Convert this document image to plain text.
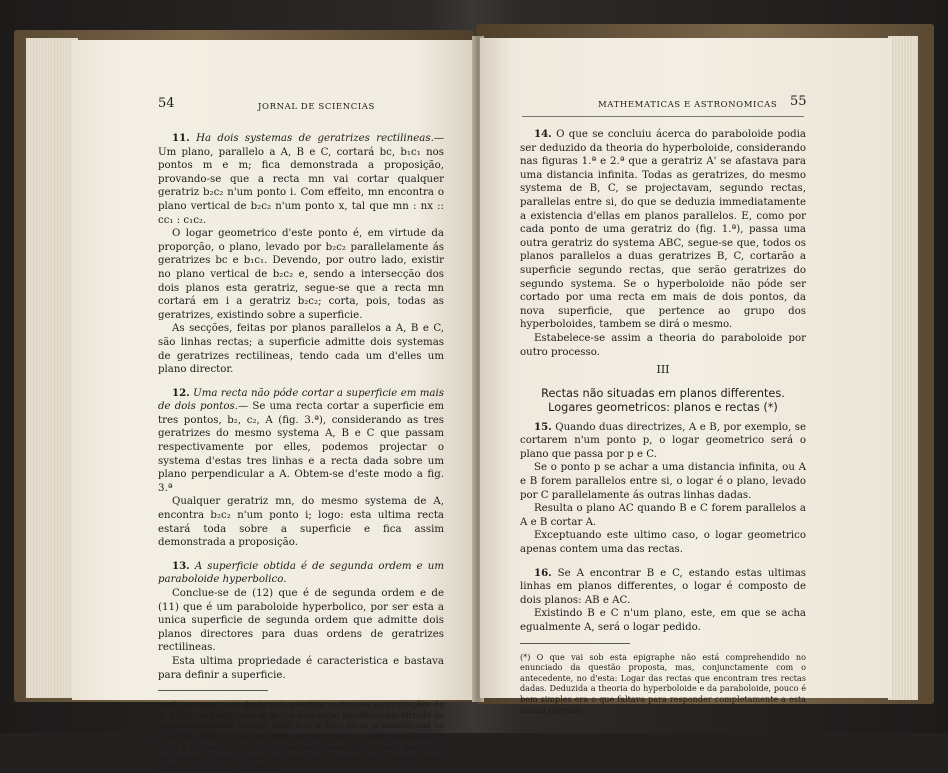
54	JORNAL DE SCIENCIAS

11. Ha dois systemas de geratrizes rectilineas.— Um plano, parallelo a A, B e C, cortará bc, b₁c₁ nos pontos m e m; fica demonstrada a proposição, provando-se que a recta mn vai cortar qualquer geratriz b₂c₂ n'um ponto i. Com effeito, mn encontra o plano vertical de b₂c₂ n'um ponto x, tal que mn : nx :: cc₁ : c₁c₂.

O logar geometrico d'este ponto é, em virtude da proporção, o plano, levado por b₂c₂ parallelamente ás geratrizes bc e b₁c₁. Devendo, por outro lado, existir no plano vertical de b₂c₂ e, sendo a intersecção dos dois planos esta geratriz, segue-se que a recta mn cortará em i a geratriz b₂c₂; corta, pois, todas as geratrizes, existindo sobre a superficie.

As secções, feitas por planos parallelos a A, B e C, são linhas rectas; a superficie admitte dois systemas de geratrizes rectilineas, tendo cada um d'elles um plano director.

12. Uma recta não póde cortar a superficie em mais de dois pontos.— Se uma recta cortar a superficie em tres pontos, b₂, c₂, A (fig. 3.ª), considerando as tres geratrizes do mesmo systema A, B e C que passam respectivamente por elles, podemos projectar o systema d'estas tres linhas e a recta dada sobre um plano perpendicular a A. Obtem-se d'este modo a fig. 3.ª

Qualquer geratriz mn, do mesmo systema de A, encontra b₂c₂ n'um ponto i; logo: esta ultima recta estará toda sobre a superficie e fica assim demonstrada a proposição.

13. A superficie obtida é de segunda ordem e um paraboloide hyperbolico.

Conclue-se de (12) que é de segunda ordem e de (11) que é um paraboloide hyperbolico, por ser esta a unica superficie de segunda ordem que admitte dois planos directores para duas ordens de geratrizes rectilineas.

Esta ultima propriedade é caracteristica e bastava para definir a superficie.

ponto em que se projecta esta geratriz, cortam-se as projecções de A, B e C; as projecções de b₁c₁ e b₂c₂ serão parallelas em virtude da proporcionalidade notada. Com b₁c₁ e b₂c₂ dá-se o mesmo que se observou com bc, pois as rectas bc, b₁c₁, b₂c₂, ... serão parallelas, e d'ahi a proposição: Se tres rectas, em planos differentes e parallelas ao mesmo plano, forem cortadas por outras tres rectas, estas existem em planos parallelos.

MATHEMATICAS E ASTRONOMICAS 55

14. O que se concluiu ácerca do paraboloide podia ser deduzido da theoria do hyperboloide, considerando nas figuras 1.ª e 2.ª que a geratriz A' se afastava para uma distancia infinita. Todas as geratrizes, do mesmo systema de B, C, se projectavam, segundo rectas, parallelas entre si, do que se deduzia immediatamente a existencia d'ellas em planos parallelos. E, como por cada ponto de uma geratriz do (fig. 1.ª), passa uma outra geratriz do systema ABC, segue-se que, todos os planos parallelos a duas geratrizes B, C, cortarão a superficie segundo rectas, que serão geratrizes do segundo systema. Se o hyperboloide não póde ser cortado por uma recta em mais de dois pontos, da nova superficie, que pertence ao grupo dos hyperboloides, tambem se dirá o mesmo.

Estabelece-se assim a theoria do paraboloide por outro processo.

III
Rectas não situadas em planos differentes.
Logares geometricos: planos e rectas (*)

15. Quando duas directrizes, A e B, por exemplo, se cortarem n'um ponto p, o logar geometrico será o plano que passa por p e C.

Se o ponto p se achar a uma distancia infinita, ou A e B forem parallelos entre si, o logar é o plano, levado por C parallelamente ás outras linhas dadas.

Resulta o plano AC quando B e C forem parallelos a A e B cortar A.

Exceptuando este ultimo caso, o logar geometrico apenas contem uma das rectas.

16. Se A encontrar B e C, estando estas ultimas linhas em planos differentes, o logar é composto de dois planos: AB e AC.

Existindo B e C n'um plano, este, em que se acha egualmente A, será o logar pedido.

(*) O que vai sob esta epigraphe não está comprehendido no enunciado da questão proposta, mas, conjunctamente com o antecedente, no d'esta: Logar das rectas que encontram tres rectas dadas. Deduzida a theoria do hyperboloide e da paraboloide, pouco é bem simples era o que faltava para responder completamente a esta ultima questão.
